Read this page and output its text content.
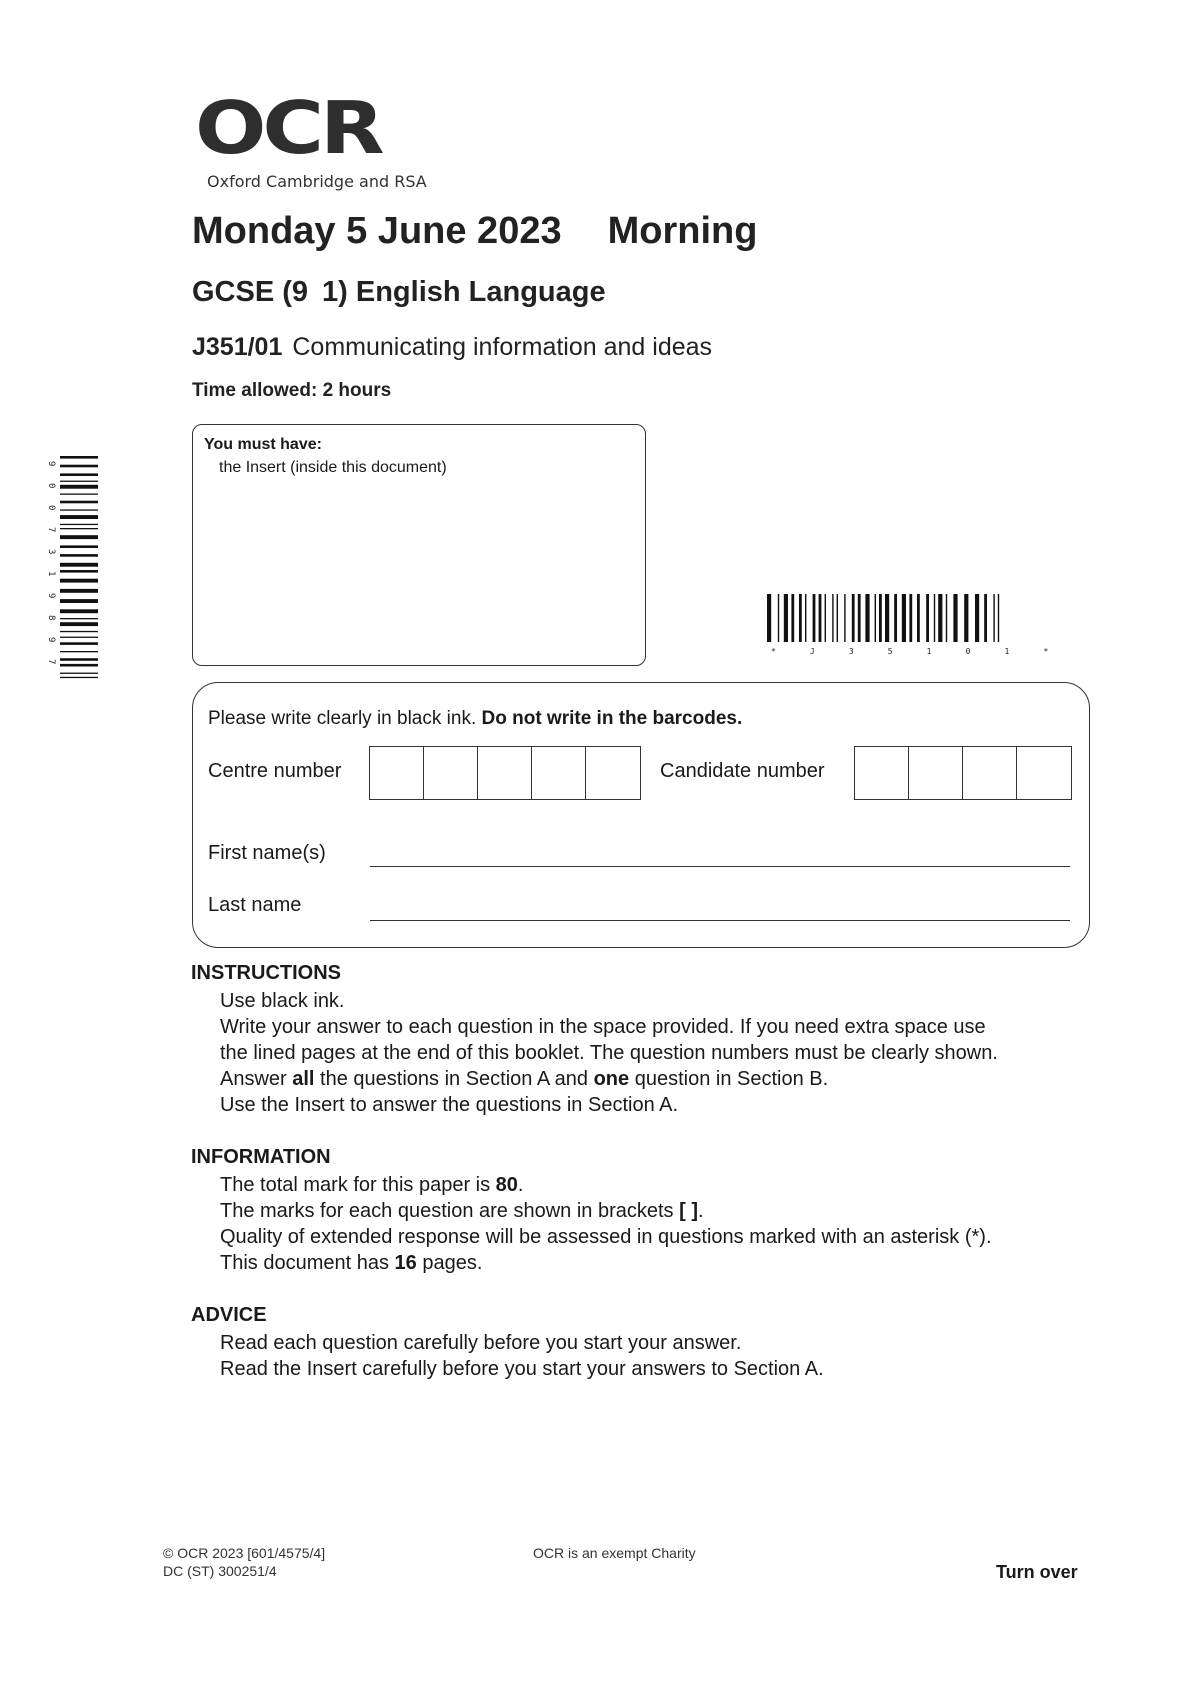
OCR
Oxford Cambridge and RSA
Monday 5 June 2023 Morning
GCSE (9 1) English Language
J351/01 Communicating information and ideas
Time allowed: 2 hours
You must have:
the Insert (inside this document)
9
0
0
7
3
1
9
8
9
7
*	J	3	5	1	0	1	*
Please write clearly in black ink. Do not write in the barcodes.
Centre number	Candidate number
First name(s)
Last name
INSTRUCTIONS
Use black ink.
Write your answer to each question in the space provided. If you need extra space use
the lined pages at the end of this booklet. The question numbers must be clearly shown.
Answer all the questions in Section A and one question in Section B.
Use the Insert to answer the questions in Section A.
INFORMATION
The total mark for this paper is 80.
The marks for each question are shown in brackets [ ].
Quality of extended response will be assessed in questions marked with an asterisk (*).
This document has 16 pages.
ADVICE
Read each question carefully before you start your answer.
Read the Insert carefully before you start your answers to Section A.
© OCR 2023 [601/4575/4]
DC (ST) 300251/4
OCR is an exempt Charity
Turn over
